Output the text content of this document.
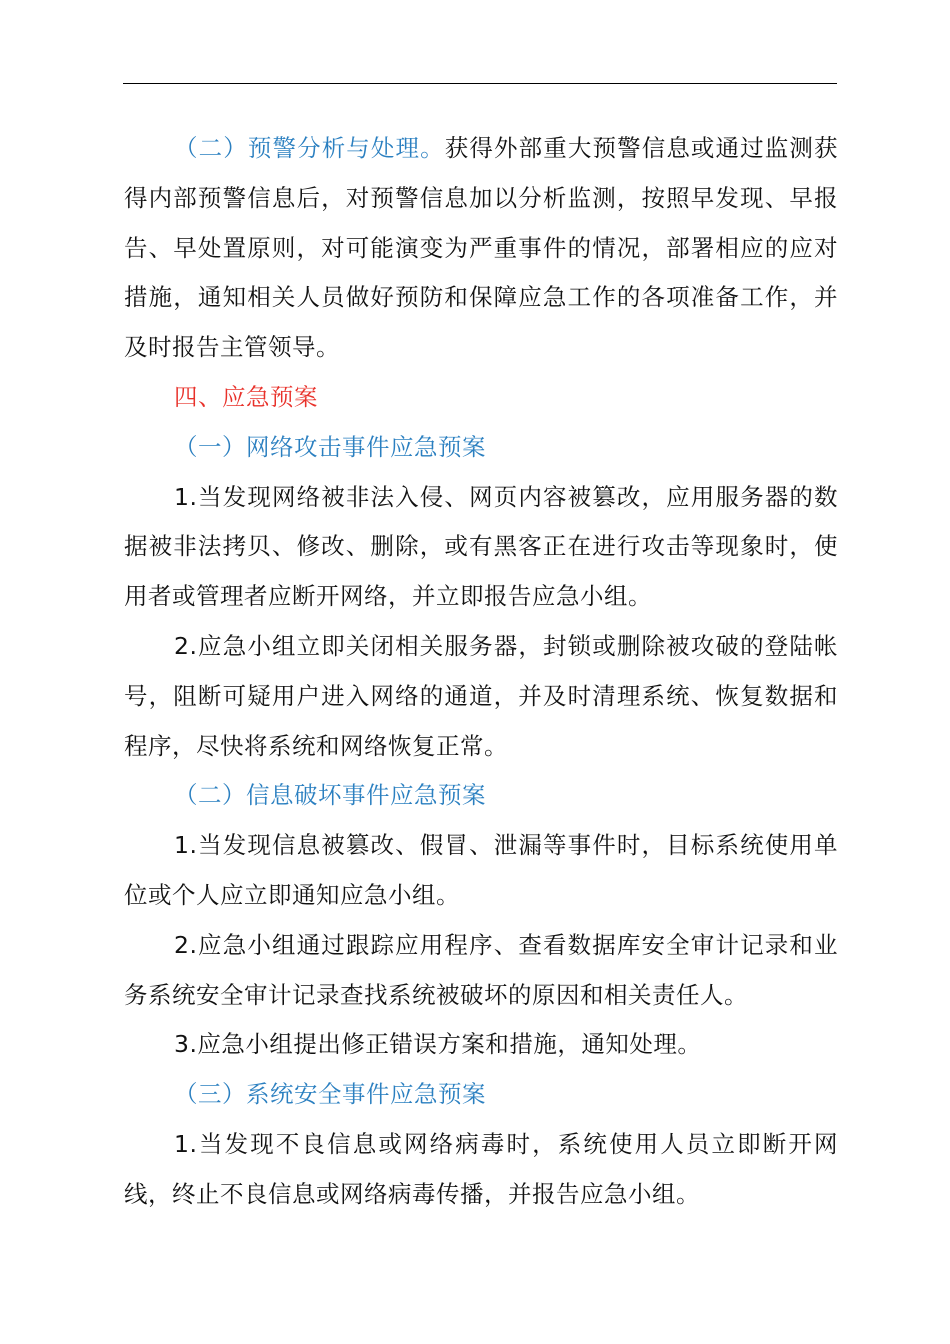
（二）预警分析与处理。获得外部重大预警信息或通过监测获得内部预警信息后，对预警信息加以分析监测，按照早发现、早报告、早处置原则，对可能演变为严重事件的情况，部署相应的应对措施，通知相关人员做好预防和保障应急工作的各项准备工作，并及时报告主管领导。

四、应急预案

（一）网络攻击事件应急预案

1.当发现网络被非法入侵、网页内容被篡改，应用服务器的数据被非法拷贝、修改、删除，或有黑客正在进行攻击等现象时，使用者或管理者应断开网络，并立即报告应急小组。

2.应急小组立即关闭相关服务器，封锁或删除被攻破的登陆帐号，阻断可疑用户进入网络的通道，并及时清理系统、恢复数据和程序，尽快将系统和网络恢复正常。

（二）信息破坏事件应急预案

1.当发现信息被篡改、假冒、泄漏等事件时，目标系统使用单位或个人应立即通知应急小组。

2.应急小组通过跟踪应用程序、查看数据库安全审计记录和业务系统安全审计记录查找系统被破坏的原因和相关责任人。

3.应急小组提出修正错误方案和措施，通知处理。

（三）系统安全事件应急预案

1.当发现不良信息或网络病毒时，系统使用人员立即断开网线，终止不良信息或网络病毒传播，并报告应急小组。
